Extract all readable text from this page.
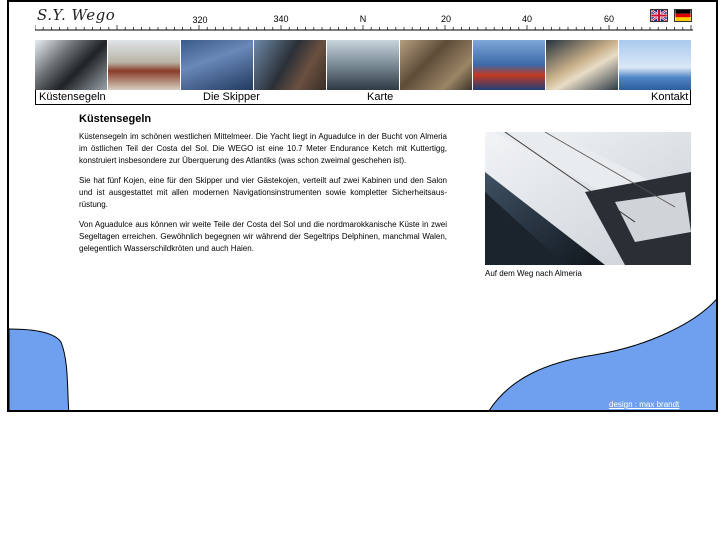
S.Y. Wego	320	340	N	20	40	60
Küstensegeln	Die Skipper	Karte	Kontakt
Küstensegeln

Küstensegeln im schönen westlichen Mittelmeer. Die Yacht liegt in Aguadulce in der Bucht von Almeria im östlichen Teil der Costa del Sol. Die WEGO ist eine 10.7 Meter Endurance Ketch mit Kuttertigg, konstruiert insbesondere zur Überquerung des Atlantiks (was schon zweimal geschehen ist).

Sie hat fünf Kojen, eine für den Skipper und vier Gästekojen, verteilt auf zwei Kabinen und den Salon und ist ausgestattet mit allen modernen Navigationsinstrumenten sowie kompletter Sicherheitsaus- rüstung.

Von Aguadulce aus können wir weite Teile der Costa del Sol und die nordmarokkanische Küste in zwei Segeltagen erreichen. Gewöhnlich begegnen wir während der Segeltrips Delphinen, manchmal Walen, gelegentlich Wasserschildkröten und auch Haien.

Auf dem Weg nach Almeria
design : max brandt
